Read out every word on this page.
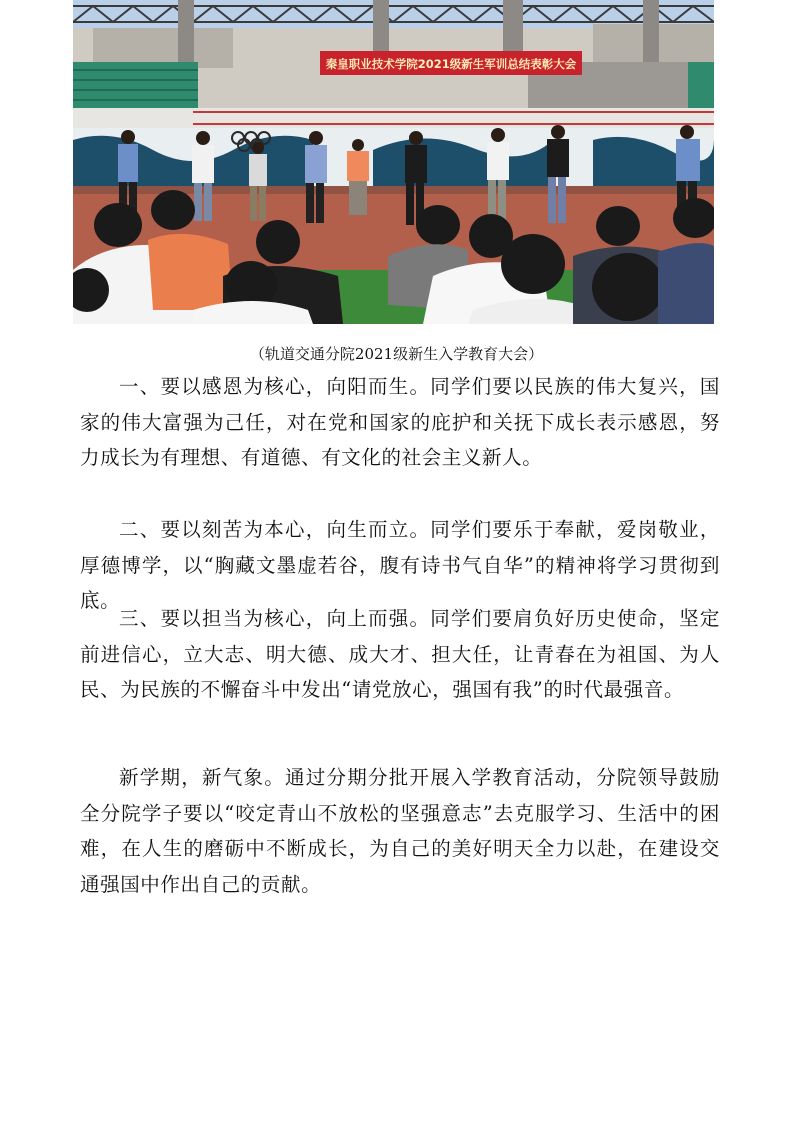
秦皇职业技术学院2021级新生军训总结表彰大会
（轨道交通分院2021级新生入学教育大会）
一、要以感恩为核心，向阳而生。同学们要以民族的伟大复兴，国家的伟大富强为己任，对在党和国家的庇护和关抚下成长表示感恩，努力成长为有理想、有道德、有文化的社会主义新人。
二、要以刻苦为本心，向生而立。同学们要乐于奉献，爱岗敬业，厚德博学，以“胸藏文墨虚若谷，腹有诗书气自华”的精神将学习贯彻到底。
三、要以担当为核心，向上而强。同学们要肩负好历史使命，坚定前进信心，立大志、明大德、成大才、担大任，让青春在为祖国、为人民、为民族的不懈奋斗中发出“请党放心，强国有我”的时代最强音。
新学期，新气象。通过分期分批开展入学教育活动，分院领导鼓励全分院学子要以“咬定青山不放松的坚强意志”去克服学习、生活中的困难，在人生的磨砺中不断成长，为自己的美好明天全力以赴，在建设交通强国中作出自己的贡献。
